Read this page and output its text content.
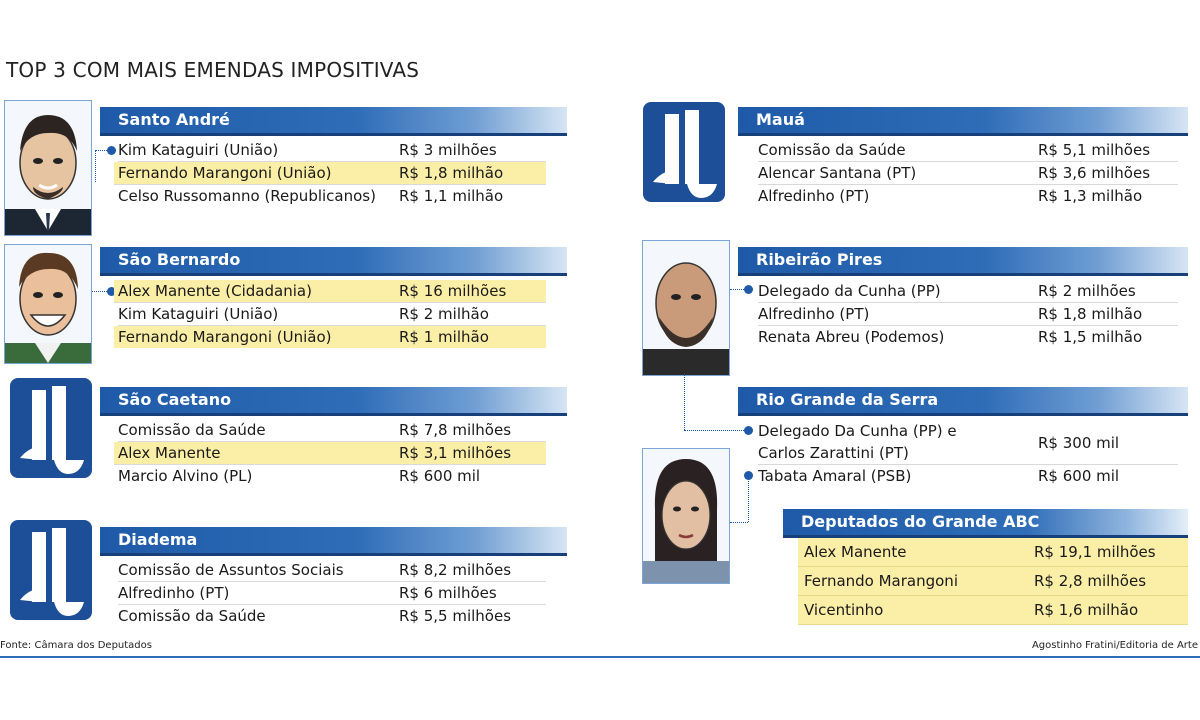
TOP 3 COM MAIS EMENDAS IMPOSITIVAS
Santo André
Kim Kataguiri (União)	R$ 3 milhões
Fernando Marangoni (União)	R$ 1,8 milhão
Celso Russomanno (Republicanos) R$ 1,1 milhão
São Bernardo
Alex Manente (Cidadania)	R$ 16 milhões
Kim Kataguiri (União)	R$ 2 milhão
Fernando Marangoni (União)	R$ 1 milhão
São Caetano
Comissão da Saúde	R$ 7,8 milhões
Alex Manente	R$ 3,1 milhões
Marcio Alvino (PL)	R$ 600 mil
Diadema
Comissão de Assuntos Sociais	R$ 8,2 milhões
Alfredinho (PT)	R$ 6 milhões
Comissão da Saúde	R$ 5,5 milhões
Mauá
Comissão da Saúde	R$ 5,1 milhões
Alencar Santana (PT)	R$ 3,6 milhões
Alfredinho (PT)	R$ 1,3 milhão
Ribeirão Pires
Delegado da Cunha (PP)	R$ 2 milhões
Alfredinho (PT)	R$ 1,8 milhão
Renata Abreu (Podemos)	R$ 1,5 milhão
Rio Grande da Serra
Delegado Da Cunha (PP) e
Carlos Zarattini (PT)
R$ 300 mil
Tabata Amaral (PSB)	R$ 600 mil
Deputados do Grande ABC
Alex Manente	R$ 19,1 milhões
Fernando Marangoni	R$ 2,8 milhões
Vicentinho	R$ 1,6 milhão
Fonte: Câmara dos Deputados	Agostinho Fratini/Editoria de Arte
